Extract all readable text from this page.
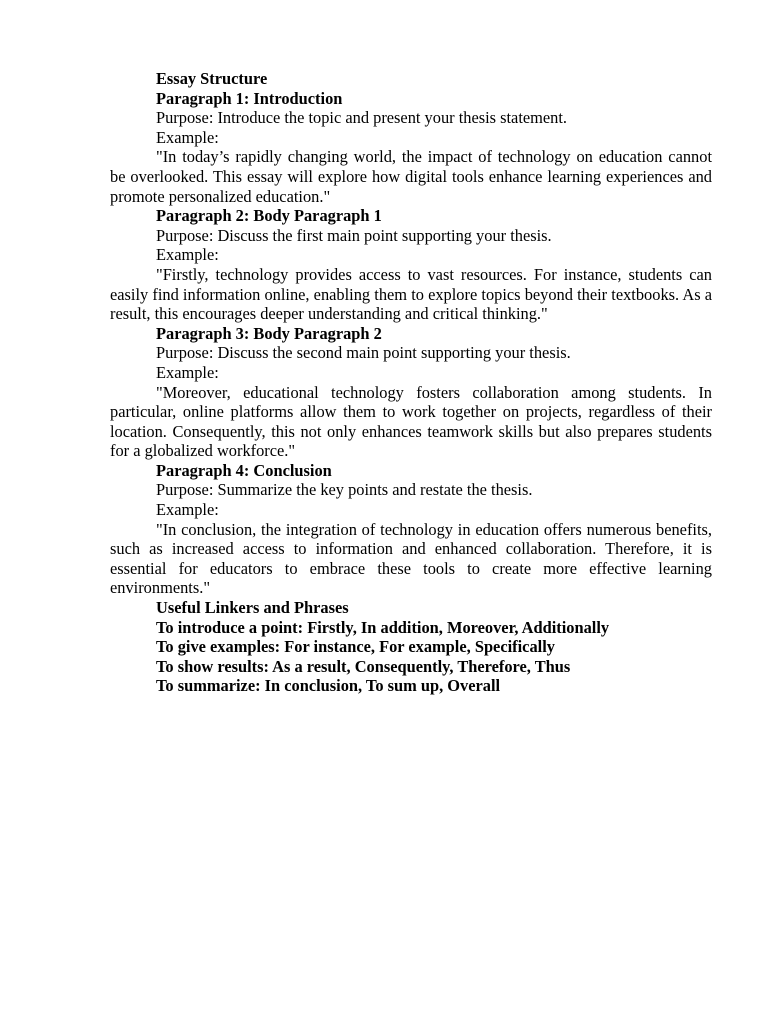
Essay Structure

Paragraph 1: Introduction

Purpose: Introduce the topic and present your thesis statement.

Example:

"In today’s rapidly changing world, the impact of technology on education cannot be overlooked. This essay will explore how digital tools enhance learning experiences and promote personalized education."

Paragraph 2: Body Paragraph 1

Purpose: Discuss the first main point supporting your thesis.

Example:

"Firstly, technology provides access to vast resources. For instance, students can easily find information online, enabling them to explore topics beyond their textbooks. As a result, this encourages deeper understanding and critical thinking."

Paragraph 3: Body Paragraph 2

Purpose: Discuss the second main point supporting your thesis.

Example:

"Moreover, educational technology fosters collaboration among students. In particular, online platforms allow them to work together on projects, regardless of their location. Consequently, this not only enhances teamwork skills but also prepares students for a globalized workforce."

Paragraph 4: Conclusion

Purpose: Summarize the key points and restate the thesis.

Example:

"In conclusion, the integration of technology in education offers numerous benefits, such as increased access to information and enhanced collaboration. Therefore, it is essential for educators to embrace these tools to create more effective learning environments."

Useful Linkers and Phrases

To introduce a point: Firstly, In addition, Moreover, Additionally

To give examples: For instance, For example, Specifically

To show results: As a result, Consequently, Therefore, Thus

To summarize: In conclusion, To sum up, Overall
